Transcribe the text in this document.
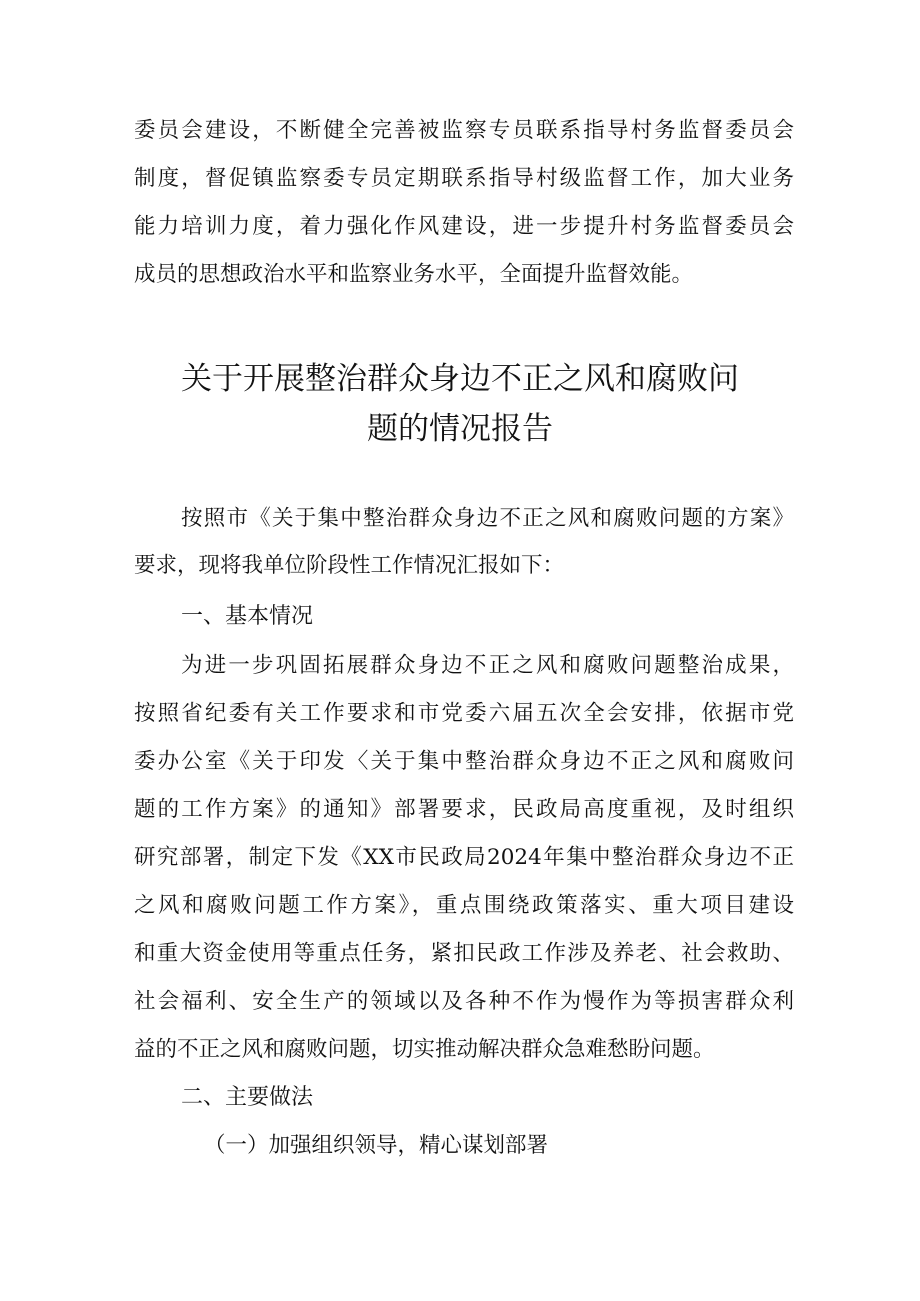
委员会建设，不断健全完善被监察专员联系指导村务监督委员会
制度，督促镇监察委专员定期联系指导村级监督工作，加大业务
能力培训力度，着力强化作风建设，进一步提升村务监督委员会
成员的思想政治水平和监察业务水平，全面提升监督效能。
关于开展整治群众身边不正之风和腐败问
题的情况报告
按照市《关于集中整治群众身边不正之风和腐败问题的方案》
要求，现将我单位阶段性工作情况汇报如下：
一、基本情况
为进一步巩固拓展群众身边不正之风和腐败问题整治成果，
按照省纪委有关工作要求和市党委六届五次全会安排，依据市党
委办公室《关于印发〈关于集中整治群众身边不正之风和腐败问
题的工作方案》的通知》部署要求，民政局高度重视，及时组织
研究部署，制定下发《XX市民政局2024年集中整治群众身边不正
之风和腐败问题工作方案》，重点围绕政策落实、重大项目建设
和重大资金使用等重点任务，紧扣民政工作涉及养老、社会救助、
社会福利、安全生产的领域以及各种不作为慢作为等损害群众利
益的不正之风和腐败问题，切实推动解决群众急难愁盼问题。
二、主要做法
（一）加强组织领导，精心谋划部署
